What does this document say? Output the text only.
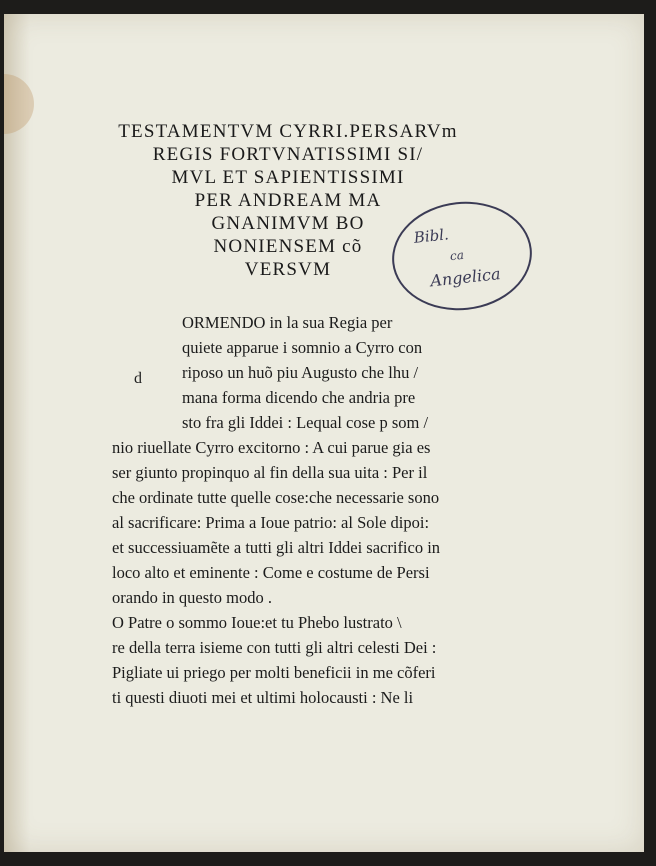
TESTAMENTVM CYRRI.PERSARVm
REGIS FORTVNATISSIMI SI/
MVL ET SAPIENTISSIMI
PER ANDREAM MA
GNANIMVM BO
NONIENSEM cõ
VERSVM
Bibl.
ca
Angelica
d
ORMENDO in la sua Regia per
quiete apparue i somnio a Cyrro con
riposo un huõ piu Augusto che lhu /
mana forma dicendo che andria pre
sto fra gli Iddei : Lequal cose p som /
nio riuellate Cyrro excitorno : A cui parue gia es
ser giunto propinquo al fin della sua uita : Per il
che ordinate tutte quelle cose:che necessarie sono
al sacrificare: Prima a Ioue patrio: al Sole dipoi:
et successiuamẽte a tutti gli altri Iddei sacrifico in
loco alto et eminente : Come e costume de Persi
orando in questo modo .
O Patre o sommo Ioue:et tu Phebo lustrato \
re della terra isieme con tutti gli altri celesti Dei :
Pigliate ui priego per molti beneficii in me cõferi
ti questi diuoti mei et ultimi holocausti : Ne li
